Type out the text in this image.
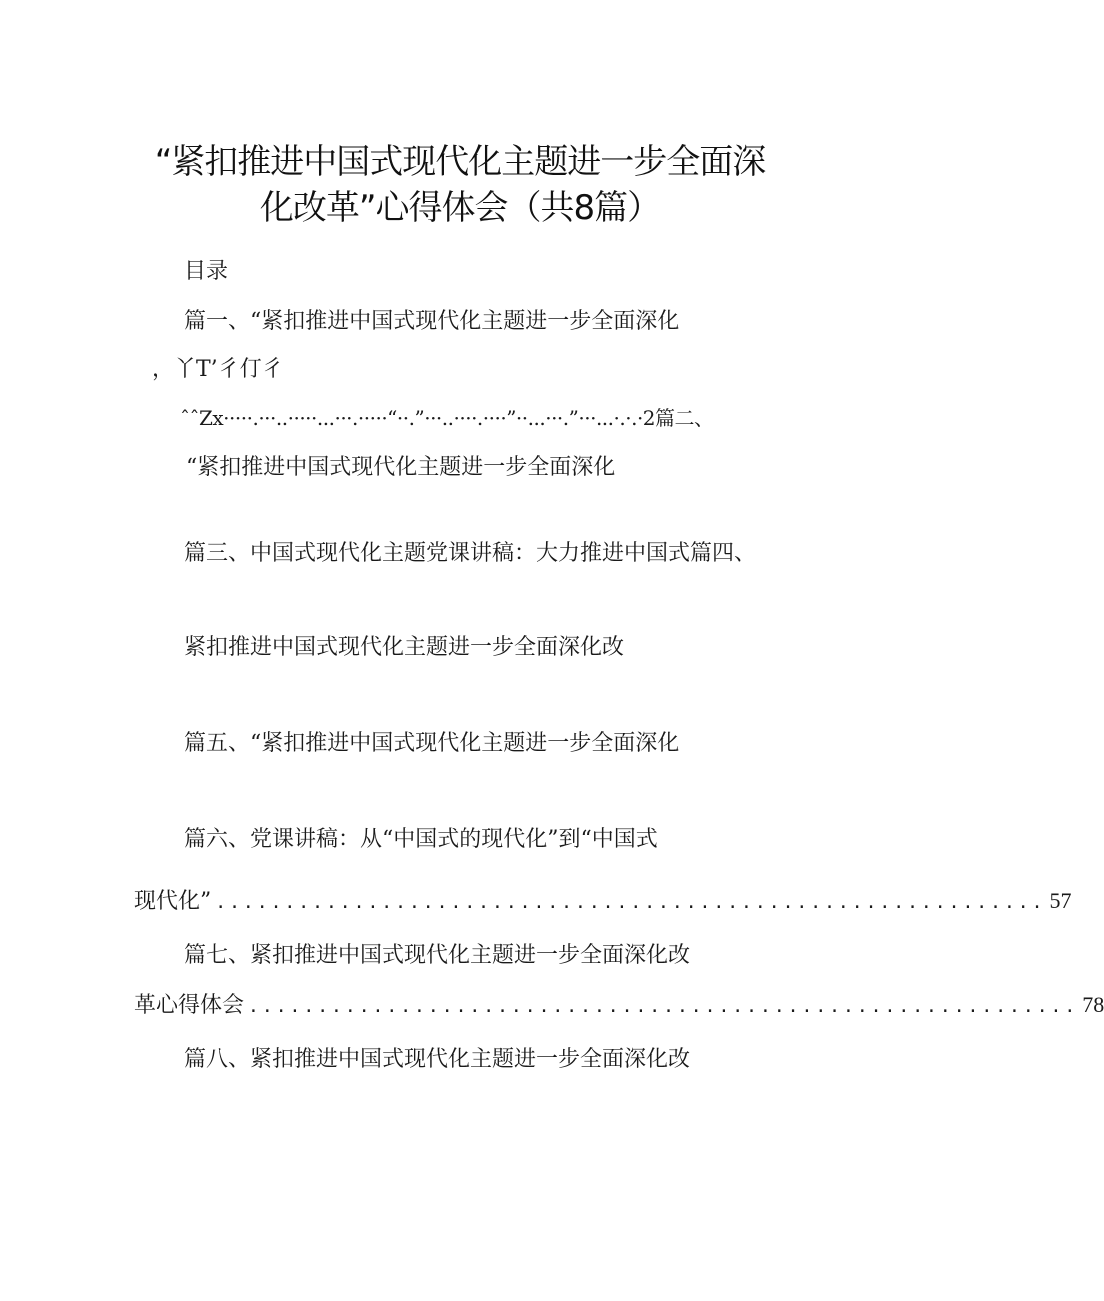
“紧扣推进中国式现代化主题进一步全面深
化改革”心得体会（共8篇）
目录
篇一、“紧扣推进中国式现代化主题进一步全面深化
，丫T’彳仃彳
ˆˆZx·····.···..·····...···.·····“··.”···..····.····”··...···.”···...·.·.·2篇二、
“紧扣推进中国式现代化主题进一步全面深化
篇三、中国式现代化主题党课讲稿：大力推进中国式篇四、
紧扣推进中国式现代化主题进一步全面深化改
篇五、“紧扣推进中国式现代化主题进一步全面深化
篇六、党课讲稿：从“中国式的现代化”到“中国式
现代化” ............................................................ 57
篇七、紧扣推进中国式现代化主题进一步全面深化改
革心得体会 ............................................................ 78
篇八、紧扣推进中国式现代化主题进一步全面深化改
